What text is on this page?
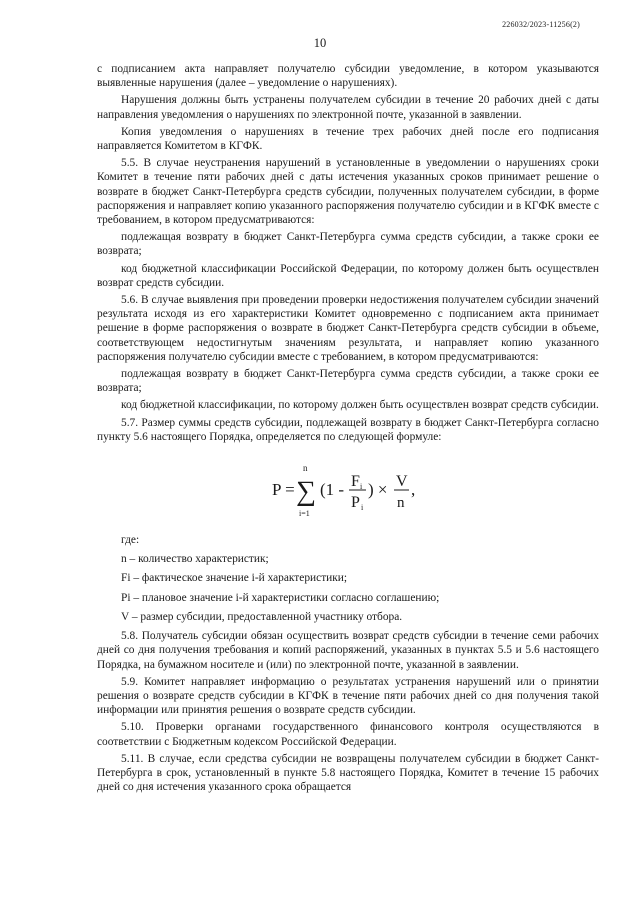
226032/2023-11256(2)
10

с подписанием акта направляет получателю субсидии уведомление, в котором указываются выявленные нарушения (далее – уведомление о нарушениях).

Нарушения должны быть устранены получателем субсидии в течение 20 рабочих дней с даты направления уведомления о нарушениях по электронной почте, указанной в заявлении.

Копия уведомления о нарушениях в течение трех рабочих дней после его подписания направляется Комитетом в КГФК.

5.5. В случае неустранения нарушений в установленные в уведомлении о нарушениях сроки Комитет в течение пяти рабочих дней с даты истечения указанных сроков принимает решение о возврате в бюджет Санкт-Петербурга средств субсидии, полученных получателем субсидии, в форме распоряжения и направляет копию указанного распоряжения получателю субсидии и в КГФК вместе с требованием, в котором предусматриваются:

подлежащая возврату в бюджет Санкт-Петербурга сумма средств субсидии, а также сроки ее возврата;

код бюджетной классификации Российской Федерации, по которому должен быть осуществлен возврат средств субсидии.

5.6. В случае выявления при проведении проверки недостижения получателем субсидии значений результата исходя из его характеристики Комитет одновременно с подписанием акта принимает решение в форме распоряжения о возврате в бюджет Санкт-Петербурга средств субсидии в объеме, соответствующем недостигнутым значениям результата, и направляет копию указанного распоряжения получателю субсидии вместе с требованием, в котором предусматриваются:

подлежащая возврату в бюджет Санкт-Петербурга сумма средств субсидии, а также сроки ее возврата;

код бюджетной классификации, по которому должен быть осуществлен возврат средств субсидии.

5.7. Размер суммы средств субсидии, подлежащей возврату в бюджет Санкт-Петербурга согласно пункту 5.6 настоящего Порядка, определяется по следующей формуле:

P = ∑
n
i=1
(1 - F i
P i
) × V
n
,

где:

n – количество характеристик;

Fi – фактическое значение i-й характеристики;

Pi – плановое значение i-й характеристики согласно соглашению;

V – размер субсидии, предоставленной участнику отбора.

5.8. Получатель субсидии обязан осуществить возврат средств субсидии в течение семи рабочих дней со дня получения требования и копий распоряжений, указанных в пунктах 5.5 и 5.6 настоящего Порядка, на бумажном носителе и (или) по электронной почте, указанной в заявлении.

5.9. Комитет направляет информацию о результатах устранения нарушений или о принятии решения о возврате средств субсидии в КГФК в течение пяти рабочих дней со дня получения такой информации или принятия решения о возврате средств субсидии.

5.10. Проверки органами государственного финансового контроля осуществляются в соответствии с Бюджетным кодексом Российской Федерации.

5.11. В случае, если средства субсидии не возвращены получателем субсидии в бюджет Санкт-Петербурга в срок, установленный в пункте 5.8 настоящего Порядка, Комитет в течение 15 рабочих дней со дня истечения указанного срока обращается
